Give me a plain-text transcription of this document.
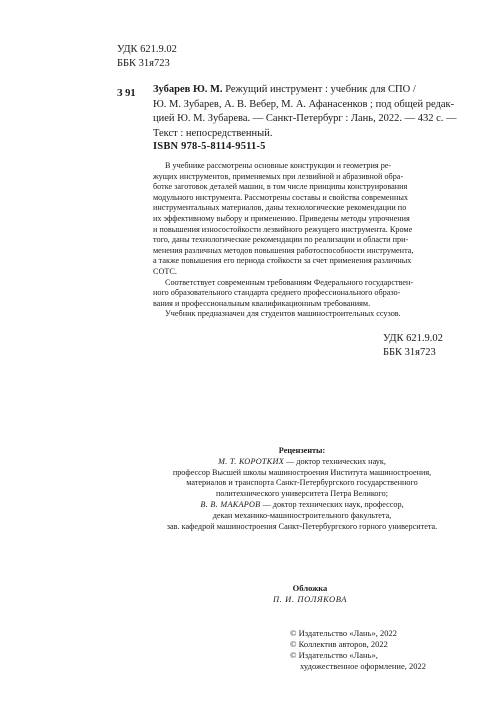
УДК 621.9.02
ББК 31я723
З 91 Зубарев Ю. М. Режущий инструмент : учебник для СПО /

Ю. М. Зубарев, А. В. Вебер, М. А. Афанасенков ; под общей редак-

цией Ю. М. Зубарева. — Санкт-Петербург : Лань, 2022. — 432 с. —

Текст : непосредственный.

ISBN 978-5-8114-9511-5

В учебнике рассмотрены основные конструкции и геометрия ре-

жущих инструментов, применяемых при лезвийной и абразивной обра-

ботке заготовок деталей машин, в том числе принципы конструирования

модульного инструмента. Рассмотрены составы и свойства современных

инструментальных материалов, даны технологические рекомендации по

их эффективному выбору и применению. Приведены методы упрочнения

и повышения износостойкости лезвийного режущего инструмента. Кроме

того, даны технологические рекомендации по реализации и области при-

менения различных методов повышения работоспособности инструмента,

а также повышения его периода стойкости за счет применения различных

СОТС.

Соответствует современным требованиям Федерального государствен-

ного образовательного стандарта среднего профессионального образо-

вания и профессиональным квалификационным требованиям.

Учебник предназначен для студентов машиностроительных ссузов.

УДК 621.9.02
ББК 31я723
Рецензенты:
М. Т. КОРОТКИХ — доктор технических наук,
профессор Высшей школы машиностроения Института машиностроения,
материалов и транспорта Санкт-Петербургского государственного
политехнического университета Петра Великого;
В. В. МАКАРОВ — доктор технических наук, профессор,
декан механико-машиностроительного факультета,
зав. кафедрой машиностроения Санкт-Петербургского горного университета.
Обложка
П. И. ПОЛЯКОВА
© Издательство «Лань», 2022
© Коллектив авторов, 2022
© Издательство «Лань»,
художественное оформление, 2022
